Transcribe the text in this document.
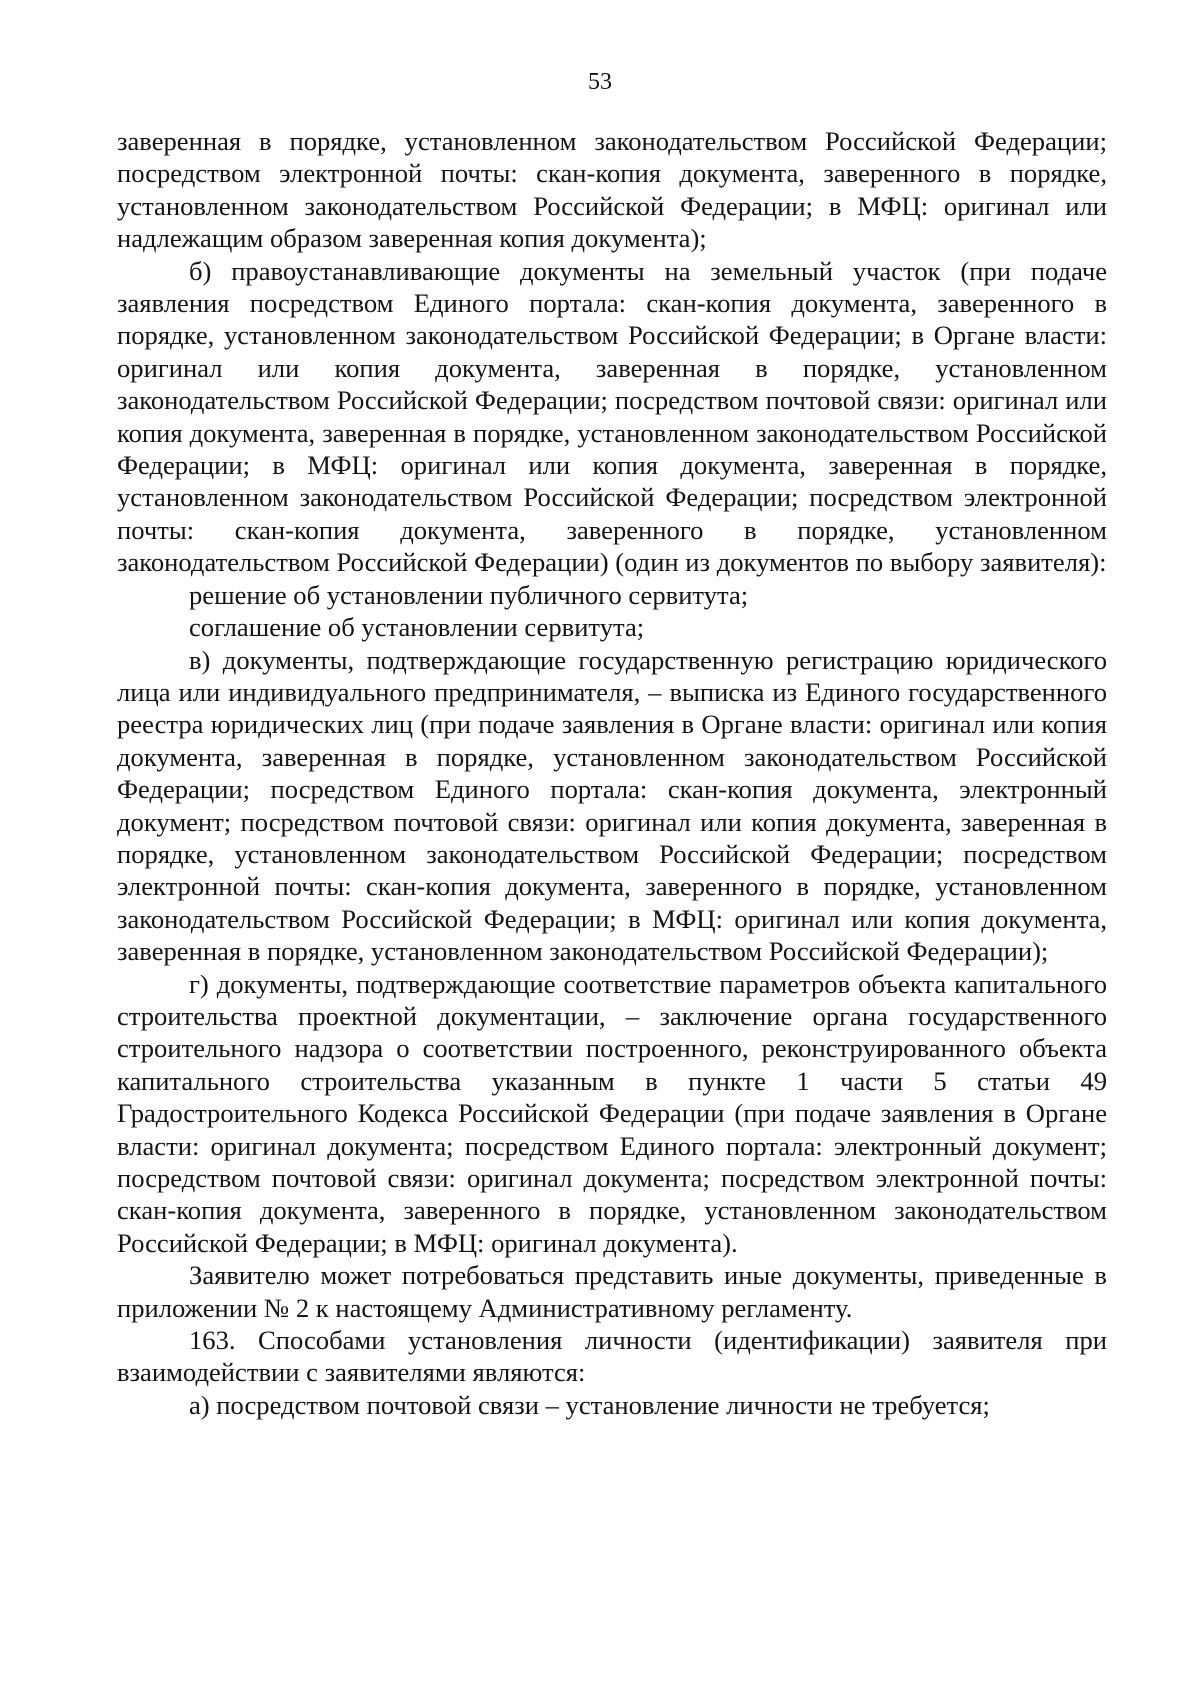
53

заверенная в порядке, установленном законодательством Российской Федерации; посредством электронной почты: скан-копия документа, заверенного в порядке, установленном законодательством Российской Федерации; в МФЦ: оригинал или надлежащим образом заверенная копия документа);

б) правоустанавливающие документы на земельный участок (при подаче заявления посредством Единого портала: скан-копия документа, заверенного в порядке, установленном законодательством Российской Федерации; в Органе власти: оригинал или копия документа, заверенная в порядке, установленном законодательством Российской Федерации; посредством почтовой связи: оригинал или копия документа, заверенная в порядке, установленном законодательством Российской Федерации; в МФЦ: оригинал или копия документа, заверенная в порядке, установленном законодательством Российской Федерации; посредством электронной почты: скан-копия документа, заверенного в порядке, установленном законодательством Российской Федерации) (один из документов по выбору заявителя):

решение об установлении публичного сервитута;

соглашение об установлении сервитута;

в) документы, подтверждающие государственную регистрацию юридического лица или индивидуального предпринимателя, – выписка из Единого государственного реестра юридических лиц (при подаче заявления в Органе власти: оригинал или копия документа, заверенная в порядке, установленном законодательством Российской Федерации; посредством Единого портала: скан-копия документа, электронный документ; посредством почтовой связи: оригинал или копия документа, заверенная в порядке, установленном законодательством Российской Федерации; посредством электронной почты: скан-копия документа, заверенного в порядке, установленном законодательством Российской Федерации; в МФЦ: оригинал или копия документа, заверенная в порядке, установленном законодательством Российской Федерации);

г) документы, подтверждающие соответствие параметров объекта капитального строительства проектной документации, – заключение органа государственного строительного надзора о соответствии построенного, реконструированного объекта капитального строительства указанным в пункте 1 части 5 статьи 49 Градостроительного Кодекса Российской Федерации (при подаче заявления в Органе власти: оригинал документа; посредством Единого портала: электронный документ; посредством почтовой связи: оригинал документа; посредством электронной почты: скан-копия документа, заверенного в порядке, установленном законодательством Российской Федерации; в МФЦ: оригинал документа).

Заявителю может потребоваться представить иные документы, приведенные в приложении № 2 к настоящему Административному регламенту.

163. Способами установления личности (идентификации) заявителя при взаимодействии с заявителями являются:

а) посредством почтовой связи – установление личности не требуется;
